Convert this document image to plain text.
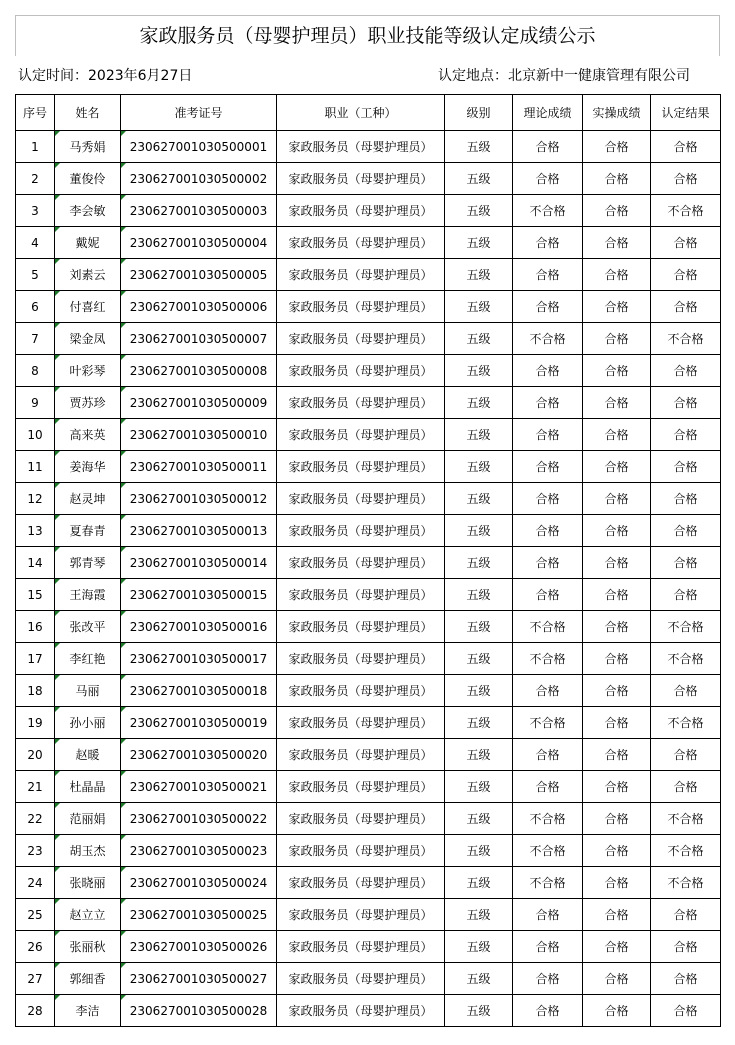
家政服务员（母婴护理员）职业技能等级认定成绩公示
认定时间：2023年6月27日	认定地点：北京新中一健康管理有限公司
序号	姓名	准考证号	职业（工种）	级别	理论成绩	实操成绩	认定结果
1	马秀娟	230627001030500001	家政服务员（母婴护理员）	五级	合格	合格	合格
2	董俊伶	230627001030500002	家政服务员（母婴护理员）	五级	合格	合格	合格
3	李会敏	230627001030500003	家政服务员（母婴护理员）	五级	不合格	合格	不合格
4	戴妮	230627001030500004	家政服务员（母婴护理员）	五级	合格	合格	合格
5	刘素云	230627001030500005	家政服务员（母婴护理员）	五级	合格	合格	合格
6	付喜红	230627001030500006	家政服务员（母婴护理员）	五级	合格	合格	合格
7	梁金凤	230627001030500007	家政服务员（母婴护理员）	五级	不合格	合格	不合格
8	叶彩琴	230627001030500008	家政服务员（母婴护理员）	五级	合格	合格	合格
9	贾苏珍	230627001030500009	家政服务员（母婴护理员）	五级	合格	合格	合格
10	高来英	230627001030500010	家政服务员（母婴护理员）	五级	合格	合格	合格
11	姜海华	230627001030500011	家政服务员（母婴护理员）	五级	合格	合格	合格
12	赵灵坤	230627001030500012	家政服务员（母婴护理员）	五级	合格	合格	合格
13	夏春青	230627001030500013	家政服务员（母婴护理员）	五级	合格	合格	合格
14	郭青琴	230627001030500014	家政服务员（母婴护理员）	五级	合格	合格	合格
15	王海霞	230627001030500015	家政服务员（母婴护理员）	五级	合格	合格	合格
16	张改平	230627001030500016	家政服务员（母婴护理员）	五级	不合格	合格	不合格
17	李红艳	230627001030500017	家政服务员（母婴护理员）	五级	不合格	合格	不合格
18	马丽	230627001030500018	家政服务员（母婴护理员）	五级	合格	合格	合格
19	孙小丽	230627001030500019	家政服务员（母婴护理员）	五级	不合格	合格	不合格
20	赵暖	230627001030500020	家政服务员（母婴护理员）	五级	合格	合格	合格
21	杜晶晶	230627001030500021	家政服务员（母婴护理员）	五级	合格	合格	合格
22	范丽娟	230627001030500022	家政服务员（母婴护理员）	五级	不合格	合格	不合格
23	胡玉杰	230627001030500023	家政服务员（母婴护理员）	五级	不合格	合格	不合格
24	张晓丽	230627001030500024	家政服务员（母婴护理员）	五级	不合格	合格	不合格
25	赵立立	230627001030500025	家政服务员（母婴护理员）	五级	合格	合格	合格
26	张丽秋	230627001030500026	家政服务员（母婴护理员）	五级	合格	合格	合格
27	郭细香	230627001030500027	家政服务员（母婴护理员）	五级	合格	合格	合格
28	李洁	230627001030500028	家政服务员（母婴护理员）	五级	合格	合格	合格
